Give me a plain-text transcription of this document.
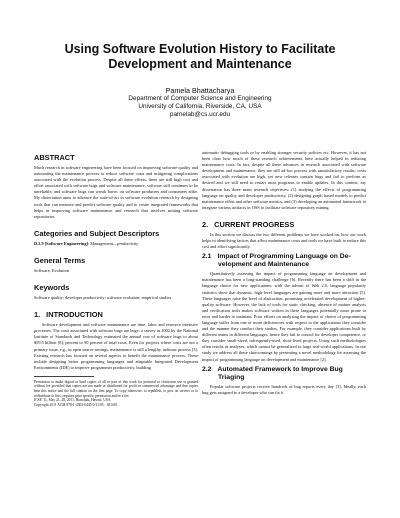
Using Software Evolution History to Facilitate
Development and Maintenance
Pamela Bhattacharya
Department of Computer Science and Engineering
University of California, Riverside, CA, USA
pamelab@cs.ucr.edu
ABSTRACT

Much research in software engineering have been focused on improving software quality and automating the maintenance process to reduce software costs and mitigating complications associated with the evolution process. Despite all these efforts, there are still high cost and effort associated with software bugs and software maintenance, software still continues to be unreliable, and software bugs can wreak havoc on software producers and consumers alike. My dissertation aims to advance the state-of-art in software evolution research by designing tools that can measure and predict software quality and to create integrated frameworks that helps in improving software maintenance and research that involves mining software repositories.

Categories and Subject Descriptors

D.2.9 [Software Engineering]: Management—productivity

General Terms

Software, Evolution

Keywords

Software quality; developer productivity; software evolution; empirical studies

1. INTRODUCTION

Software development and software maintenance are time, labor and resource intensive processes. The costs associated with software bugs are huge: a survey in 2002 by the National Institute of Standards and Technology estimated the annual cost of software bugs to about $59.5 billion [8]; percent to 90 percent of total costs. Even for projects where costs are not a primary issue, e.g., in open source settings, maintenance is still a lengthy, arduous process [3]. Existing research has focused on several aspects to benefit the maintenance process. These include designing better programming languages and adaptable Integrated Development Environments (IDE) to improve programmer productivity, building

Permission to make digital or hard copies of all or part of this work for personal or classroom use is granted without fee provided that copies are not made or distributed for profit or commercial advantage and that copies bear this notice and the full citation on the first page. To copy otherwise, to republish, to post on servers or to redistribute to lists, requires prior specific permission and/or a fee.

ICSE '11, May 21–28, 2011, Honolulu, Hawaii, USA

Copyright 2011 ACM 978-1-4503-0445-0/11/05 ...$10.00.

automatic debugging tools or by enabling stronger security policies etc. However, it has not been clear how much of these research achievements have actually helped in reducing maintenance costs. In fact, despite all these advances in research associated with software development and maintenance, they are still ad-hoc process with unsatisfactory results: costs associated with evolution are high, yet new releases contain bugs and fail to perform as desired and we still need to restart most programs to enable updates. In this context, my dissertation has three main research objectives: (1) studying the effects of programming language on quality and developer productivity, (2) designing graph based models to predict maintenance effort and other software metrics, and (3) developing an automated framework to integrate various artifacts in OSS to facilitate software repository mining.

2. CURRENT PROGRESS

In this section we discuss the two different problems we have worked on, how our work helps in identifying factors that affect maintenance costs and tools we have built to reduce this cost and effort significantly.

2.1 Impact of Programming Language on De-
velopment and Maintenance

Quantitatively assessing the impact of programming language on development and maintenance has been a long-standing challenge [6]. Recently there has been a shift in the language choice for new applications: with the advent of Web 2.0, language popularity statistics show that dynamic, high-level languages are gaining more and more attraction [5]. These languages raise the level of abstraction, promising accelerated development of higher-quality software. However, the lack of tools for static checking, absence of mature analysis and verification tools makes software written in these languages potentially more prone to error and harder to maintain. Prior efforts on analyzing the impact of choice of programming language suffer from one or more deficiencies with respect to the applications they consider and the manner they conduct their studies. For example, they consider applications built by different teams in different languages, hence they fail to control for developer competence, or they consider small-sized, infrequently-used, short-lived projects. Using such methodologies often results in analyses, which cannot be generalized to large real-world applications. In our study we address all these shortcomings by presenting a novel methodology for assessing the impact of programming language on development and maintenance [2].

2.2 Automated Framework to Improve Bug
Triaging

Popular software projects receive hundreds of bug reports every day [3]. Ideally, each bug gets assigned to a developer who can fix it
